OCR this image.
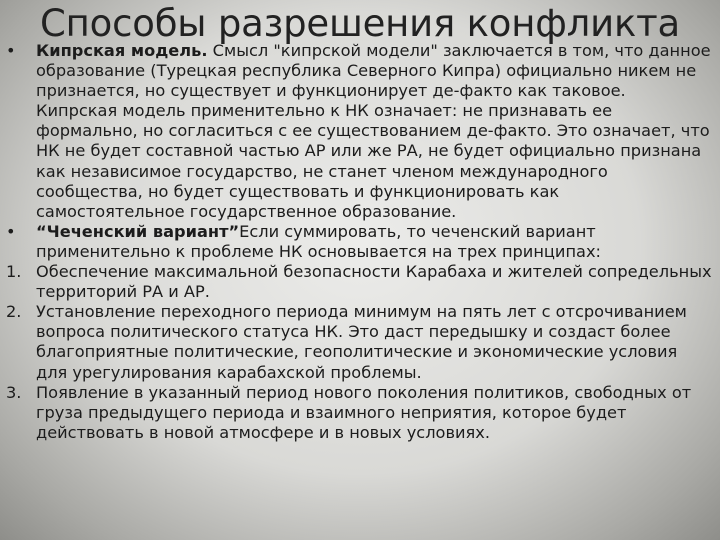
Способы разрешения конфликта
• Кипрская модель. Смысл "кипрской модели" заключается в том, что данное образование (Турецкая республика Северного Кипра) официально никем не признается, но существует и функционирует де-факто как таковое. Кипрская модель применительно к НК означает: не признавать ее формально, но согласиться с ее существованием де-факто. Это означает, что НК не будет составной частью АР или же РА, не будет официально признана как независимое государство, не станет членом международного сообщества, но будет существовать и функционировать как самостоятельное государственное образование.
• “Чеченский вариант”Если суммировать, то чеченский вариант применительно к проблеме НК основывается на трех принципах:
1. Обеспечение максимальной безопасности Карабаха и жителей сопредельных территорий РА и АР.
2. Установление переходного периода минимум на пять лет с отсрочиванием вопроса политического статуса НК. Это даст передышку и создаст более благоприятные политические, геополитические и экономические условия для урегулирования карабахской проблемы.
3. Появление в указанный период нового поколения политиков, свободных от груза предыдущего периода и взаимного неприятия, которое будет действовать в новой атмосфере и в новых условиях.
